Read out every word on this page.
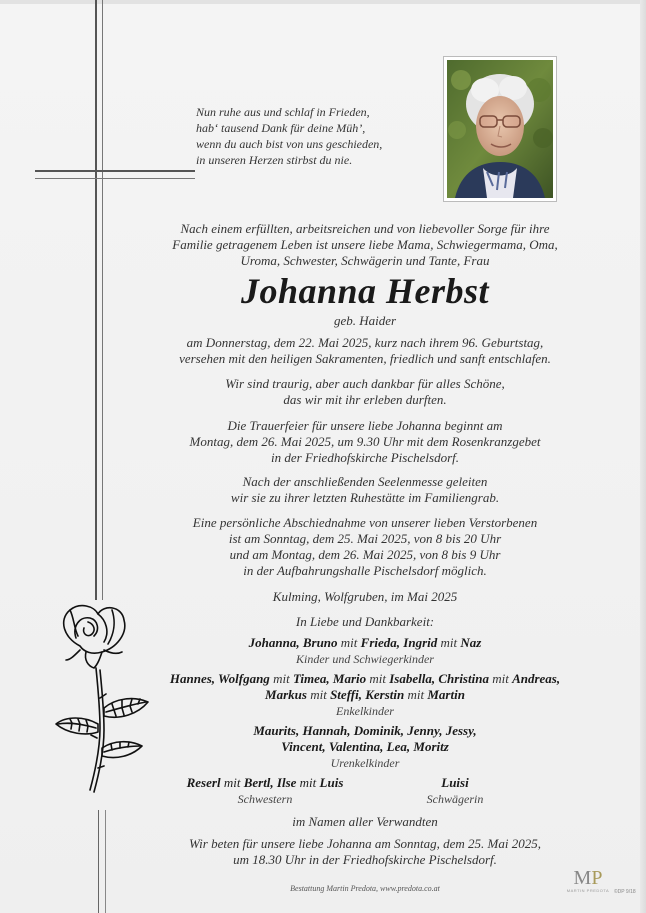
Nun ruhe aus und schlaf in Frieden,
hab‘ tausend Dank für deine Müh’,
wenn du auch bist von uns geschieden,
in unseren Herzen stirbst du nie.
Nach einem erfüllten, arbeitsreichen und von liebevoller Sorge für ihre
Familie getragenem Leben ist unsere liebe Mama, Schwiegermama, Oma,
Uroma, Schwester, Schwägerin und Tante, Frau
Johanna Herbst
geb. Haider
am Donnerstag, dem 22. Mai 2025, kurz nach ihrem 96. Geburtstag,
versehen mit den heiligen Sakramenten, friedlich und sanft entschlafen.
Wir sind traurig, aber auch dankbar für alles Schöne,
das wir mit ihr erleben durften.
Die Trauerfeier für unsere liebe Johanna beginnt am
Montag, dem 26. Mai 2025, um 9.30 Uhr mit dem Rosenkranzgebet
in der Friedhofskirche Pischelsdorf.
Nach der anschließenden Seelenmesse geleiten
wir sie zu ihrer letzten Ruhestätte im Familiengrab.
Eine persönliche Abschiednahme von unserer lieben Verstorbenen
ist am Sonntag, dem 25. Mai 2025, von 8 bis 20 Uhr
und am Montag, dem 26. Mai 2025, von 8 bis 9 Uhr
in der Aufbahrungshalle Pischelsdorf möglich.
Kulming, Wolfgruben, im Mai 2025
In Liebe und Dankbarkeit:
Johanna, Bruno mit Frieda, Ingrid mit Naz
Kinder und Schwiegerkinder
Hannes, Wolfgang mit Timea, Mario mit Isabella, Christina mit Andreas,
Markus mit Steffi, Kerstin mit Martin
Enkelkinder
Maurits, Hannah, Dominik, Jenny, Jessy,
Vincent, Valentina, Lea, Moritz
Urenkelkinder
Reserl mit Bertl, Ilse mit Luis
Schwestern
Luisi
Schwägerin
im Namen aller Verwandten
Wir beten für unsere liebe Johanna am Sonntag, dem 25. Mai 2025,
um 18.30 Uhr in der Friedhofskirche Pischelsdorf.
Bestattung Martin Predota, www.predota.co.at	MP
MARTIN PREDOTA ©DP 9/18
